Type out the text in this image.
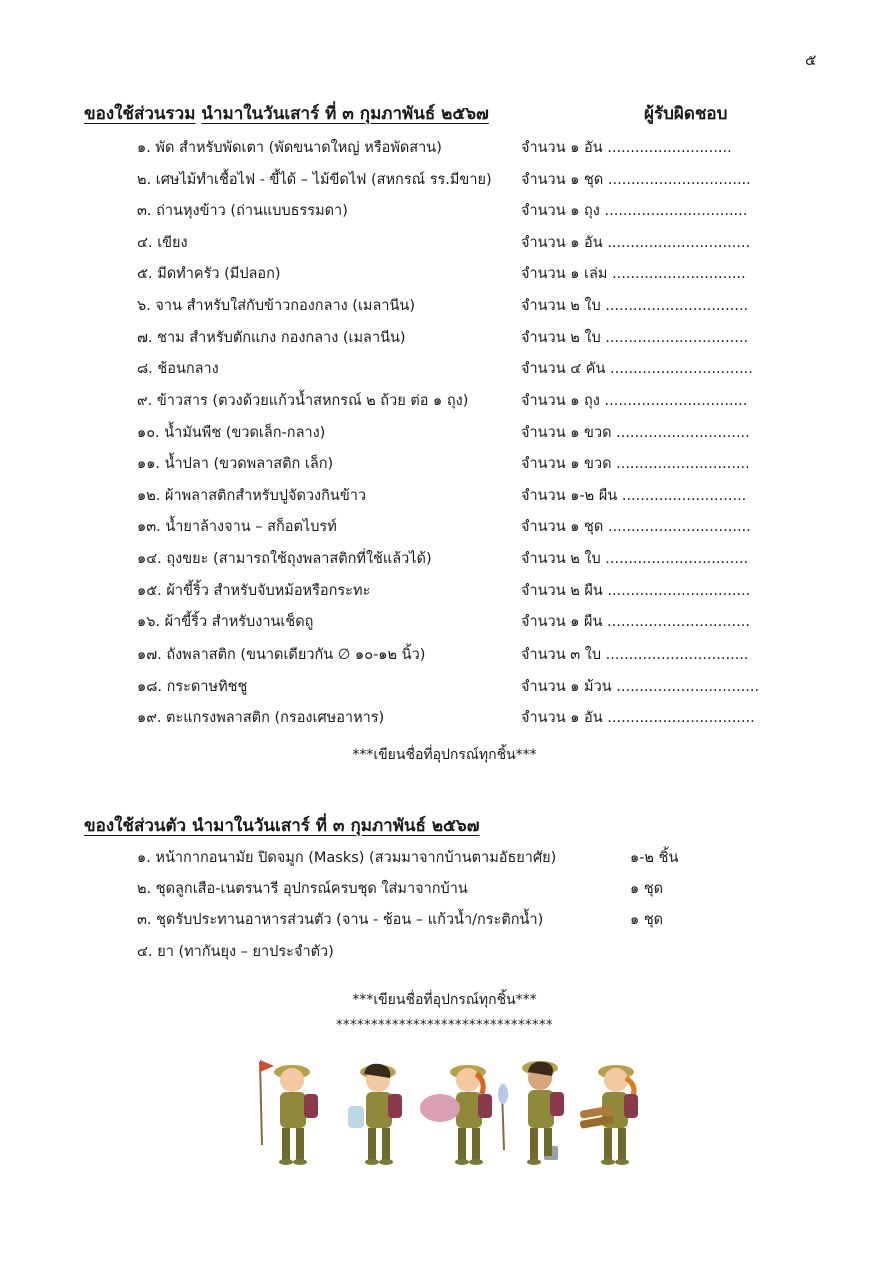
๕
ของใช้ส่วนรวม นำมาในวันเสาร์ ที่ ๓ กุมภาพันธ์ ๒๕๖๗	ผู้รับผิดชอบ
๑. พัด สำหรับพัดเตา (พัดขนาดใหญ่ หรือพัดสาน)	จำนวน ๑ อัน ...........................
๒. เศษไม้ทำเชื้อไฟ - ขี้ได้ – ไม้ขีดไฟ (สหกรณ์ รร.มีขาย) จำนวน ๑ ชุด ...............................
๓. ถ่านหุงข้าว (ถ่านแบบธรรมดา)	จำนวน ๑ ถุง ...............................
๔. เขียง	จำนวน ๑ อัน ...............................
๕. มีดทำครัว (มีปลอก)	จำนวน ๑ เล่ม .............................
๖. จาน สำหรับใส่กับข้าวกองกลาง (เมลานีน)	จำนวน ๒ ใบ ...............................
๗. ชาม สำหรับตักแกง กองกลาง (เมลานีน)	จำนวน ๒ ใบ ...............................
๘. ช้อนกลาง	จำนวน ๔ คัน ...............................
๙. ข้าวสาร (ตวงด้วยแก้วน้ำสหกรณ์ ๒ ถ้วย ต่อ ๑ ถุง)	จำนวน ๑ ถุง ...............................
๑๐. น้ำมันพืช (ขวดเล็ก-กลาง)	จำนวน ๑ ขวด .............................
๑๑. น้ำปลา (ขวดพลาสติก เล็ก)	จำนวน ๑ ขวด .............................
๑๒. ผ้าพลาสติกสำหรับปูจัดวงกินข้าว	จำนวน ๑-๒ ผืน ...........................
๑๓. น้ำยาล้างจาน – สก็อตไบรท์	จำนวน ๑ ชุด ...............................
๑๔. ถุงขยะ (สามารถใช้ถุงพลาสติกที่ใช้แล้วได้)	จำนวน ๒ ใบ ...............................
๑๕. ผ้าขี้ริ้ว สำหรับจับหม้อหรือกระทะ	จำนวน ๒ ผืน ...............................
๑๖. ผ้าขี้ริ้ว สำหรับงานเช็ดถู	จำนวน ๑ ผืน ...............................
๑๗. ถังพลาสติก (ขนาดเดียวกัน ∅ ๑๐-๑๒ นิ้ว)	จำนวน ๓ ใบ ...............................
๑๘. กระดาษทิชชู	จำนวน ๑ ม้วน ...............................
๑๙. ตะแกรงพลาสติก (กรองเศษอาหาร)	จำนวน ๑ อัน ................................
***เขียนชื่อที่อุปกรณ์ทุกชิ้น***
ของใช้ส่วนตัว นำมาในวันเสาร์ ที่ ๓ กุมภาพันธ์ ๒๕๖๗
๑. หน้ากากอนามัย ปิดจมูก (Masks) (สวมมาจากบ้านตามอัธยาศัย)	๑-๒ ชิ้น
๒. ชุดลูกเสือ-เนตรนารี อุปกรณ์ครบชุด ใส่มาจากบ้าน	๑ ชุด
๓. ชุดรับประทานอาหารส่วนตัว (จาน - ช้อน – แก้วน้ำ/กระติกน้ำ)	๑ ชุด
๔. ยา (ทากันยุง – ยาประจำตัว)
***เขียนชื่อที่อุปกรณ์ทุกชิ้น***
*******************************
